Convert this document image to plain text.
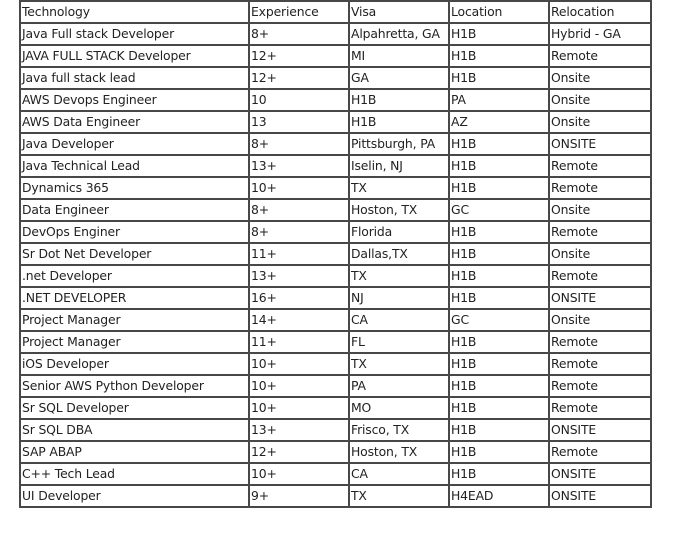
Technology	Experience	Visa	Location	Relocation
Java Full stack Developer	8+	Alpahretta, GA	H1B	Hybrid - GA
JAVA FULL STACK Developer	12+	MI	H1B	Remote
Java full stack lead	12+	GA	H1B	Onsite
AWS Devops Engineer	10	H1B	PA	Onsite
AWS Data Engineer	13	H1B	AZ	Onsite
Java Developer	8+	Pittsburgh, PA	H1B	ONSITE
Java Technical Lead	13+	Iselin, NJ	H1B	Remote
Dynamics 365	10+	TX	H1B	Remote
Data Engineer	8+	Hoston, TX	GC	Onsite
DevOps Enginer	8+	Florida	H1B	Remote
Sr Dot Net Developer	11+	Dallas,TX	H1B	Onsite
.net Developer	13+	TX	H1B	Remote
.NET DEVELOPER	16+	NJ	H1B	ONSITE
Project Manager	14+	CA	GC	Onsite
Project Manager	11+	FL	H1B	Remote
iOS Developer	10+	TX	H1B	Remote
Senior AWS Python Developer	10+	PA	H1B	Remote
Sr SQL Developer	10+	MO	H1B	Remote
Sr SQL DBA	13+	Frisco, TX	H1B	ONSITE
SAP ABAP	12+	Hoston, TX	H1B	Remote
C++ Tech Lead	10+	CA	H1B	ONSITE
UI Developer	9+	TX	H4EAD	ONSITE
